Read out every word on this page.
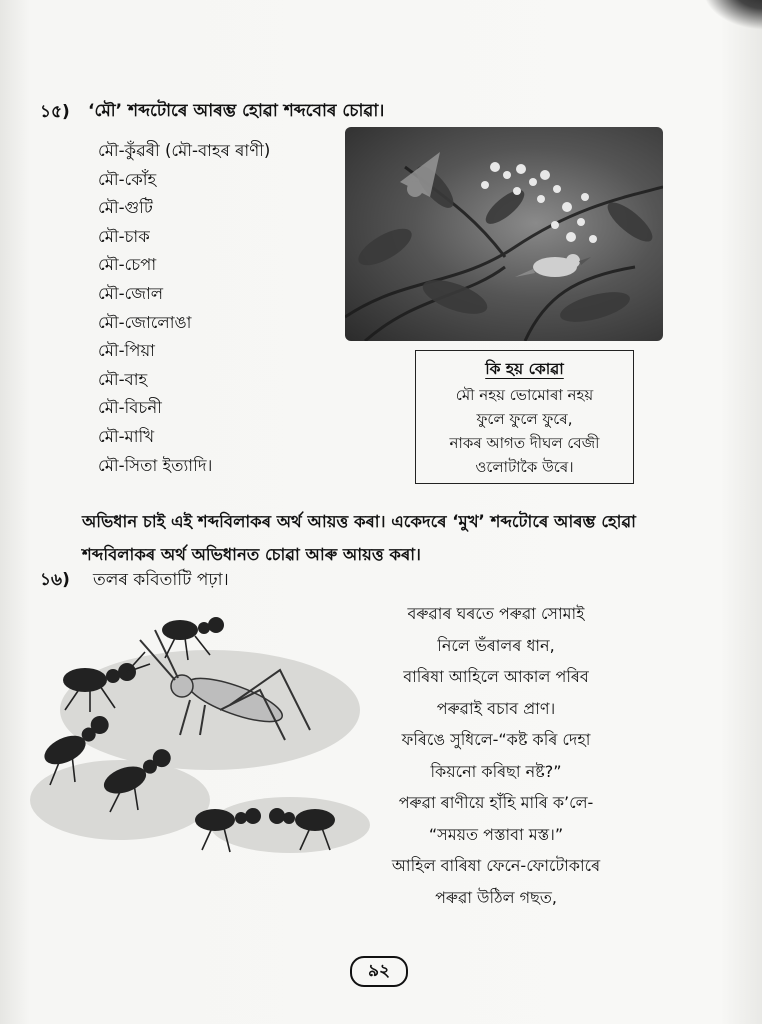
১৫) ‘মৌ’ শব্দটোৰে আৰম্ভ হোৱা শব্দবোৰ চোৱা।
মৌ-কুঁৱৰী (মৌ-বাহৰ ৰাণী)
মৌ-কোঁহ
মৌ-গুটি
মৌ-চাক
মৌ-চেপা
মৌ-জোল
মৌ-জোলোঙা
মৌ-পিয়া
মৌ-বাহ
মৌ-বিচনী
মৌ-মাখি
মৌ-সিতা ইত্যাদি।
কি হয় কোৱা
মৌ নহয় ভোমোৰা নহয়
ফুলে ফুলে ফুৰে,
নাকৰ আগত দীঘল বেজী
ওলোটাকৈ উৰে।
অভিধান চাই এই শব্দবিলাকৰ অৰ্থ আয়ত্ত কৰা। একেদৰে ‘মুখ’ শব্দটোৰে আৰম্ভ হোৱা
শব্দবিলাকৰ অৰ্থ অভিধানত চোৱা আৰু আয়ত্ত কৰা।
১৬) তলৰ কবিতাটি পঢ়া।
বৰুৱাৰ ঘৰতে পৰুৱা সোমাই
নিলে ভঁৰালৰ ধান,
বাৰিষা আহিলে আকাল পৰিব
পৰুৱাই বচাব প্ৰাণ।
ফৰিঙে সুধিলে-“কষ্ট কৰি দেহা
কিয়নো কৰিছা নষ্ট?”
পৰুৱা ৰাণীয়ে হাঁহি মাৰি ক’লে-
“সময়ত পস্তাবা মস্ত।”
আহিল বাৰিষা ফেনে-ফোটোকাৰে
পৰুৱা উঠিল গছত,
৯২
